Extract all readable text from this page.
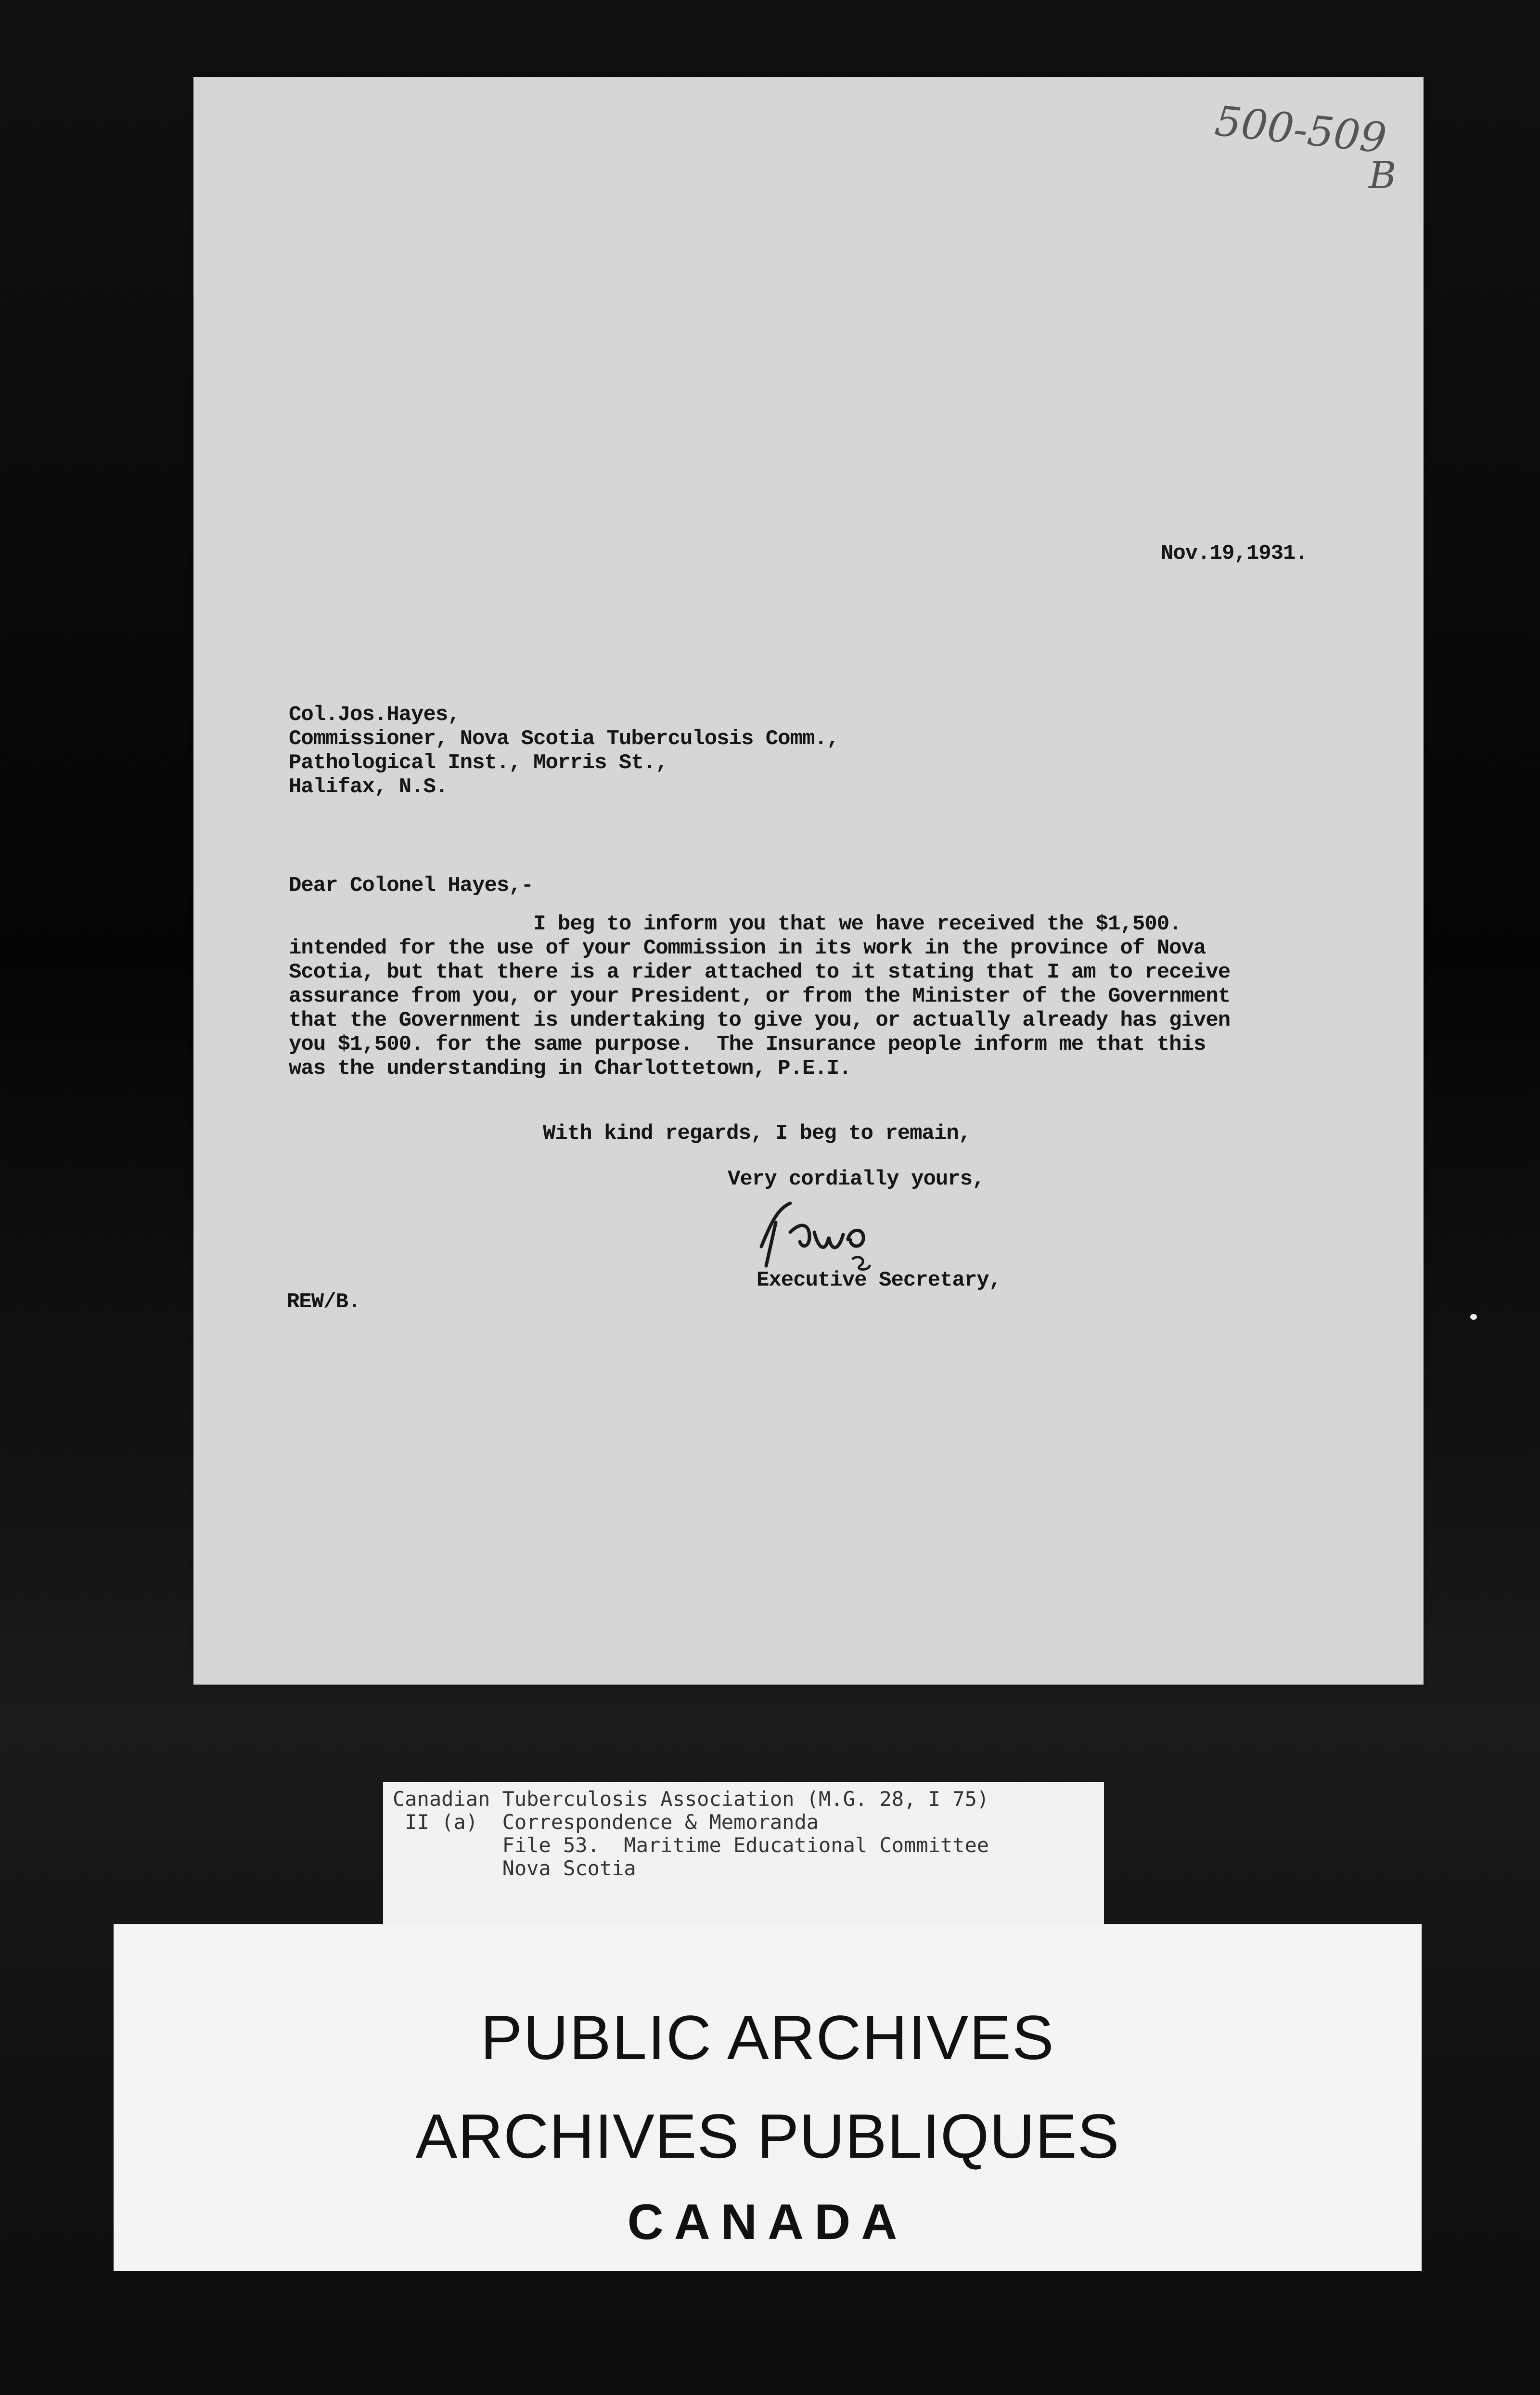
500-509
B
Nov.19,1931.
Col.Jos.Hayes,
Commissioner, Nova Scotia Tuberculosis Comm.,
Pathological Inst., Morris St.,
Halifax, N.S.
Dear Colonel Hayes,-
I beg to inform you that we have received the $1,500.
intended for the use of your Commission in its work in the province of Nova
Scotia, but that there is a rider attached to it stating that I am to receive
assurance from you, or your President, or from the Minister of the Government
that the Government is undertaking to give you, or actually already has given
you $1,500. for the same purpose.  The Insurance people inform me that this
was the understanding in Charlottetown, P.E.I.
With kind regards, I beg to remain,
Very cordially yours,
Executive Secretary,
REW/B.
Canadian Tuberculosis Association (M.G. 28, I 75)
II (a)  Correspondence & Memoranda
File 53.  Maritime Educational Committee
Nova Scotia

PUBLIC ARCHIVES

ARCHIVES PUBLIQUES

CANADA
